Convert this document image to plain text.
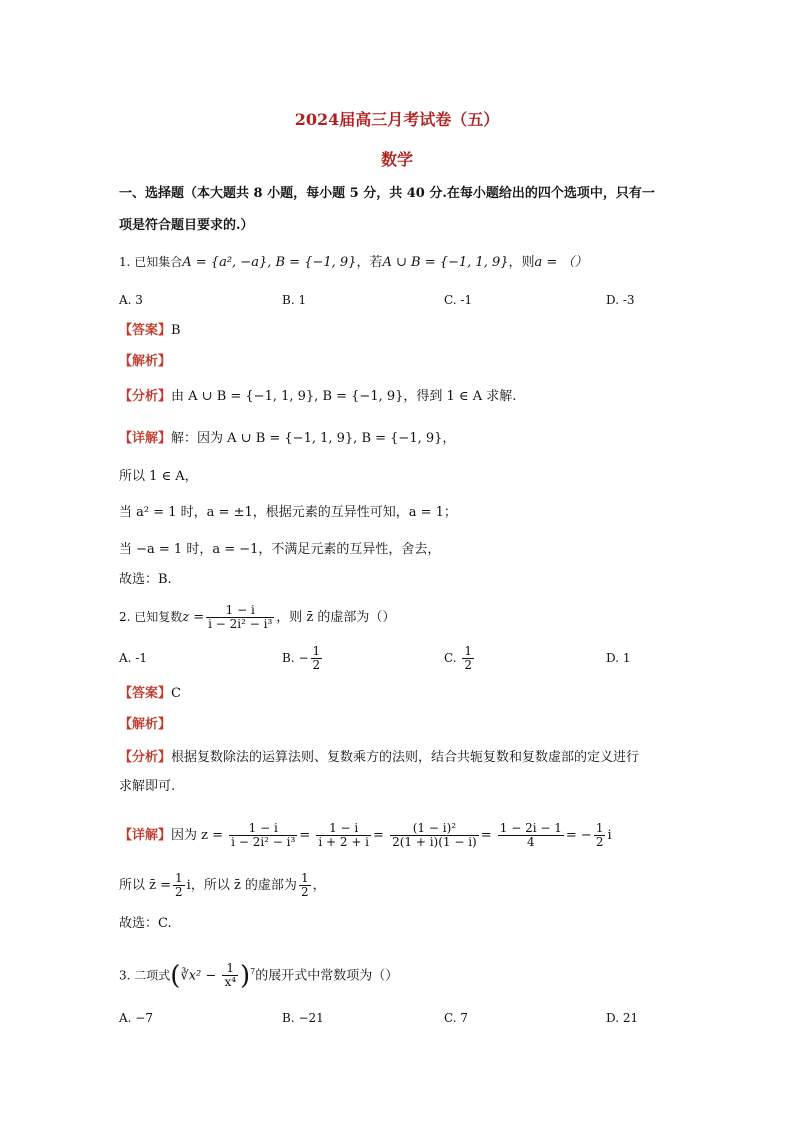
2024届高三月考试卷（五）
数学
一、选择题（本大题共 8 小题，每小题 5 分，共 40 分.在每小题给出的四个选项中，只有一
项是符合题目要求的.）
1. 已知集合A = {a², −a}, B = {−1, 9}，若A ∪ B = {−1, 1, 9}，则a = （）
A. 3	B. 1	C. -1	D. -3
【答案】B
【解析】
【分析】由 A ∪ B = {−1, 1, 9}, B = {−1, 9}，得到 1 ∈ A 求解.
【详解】解：因为 A ∪ B = {−1, 1, 9}, B = {−1, 9}，
所以 1 ∈ A，
当 a² = 1 时，a = ±1，根据元素的互异性可知，a = 1；
当 −a = 1 时，a = −1，不满足元素的互异性，舍去，
故选：B.
2. 已知复数$z = \frac{1 - i}{\text{i − 2i² − i³}}$ ，则 z̄ 的虚部为（）
A. -1	B. − $\frac{1}{2}$	C. $\frac{1}{2}$	D. 1
【答案】C
【解析】
【分析】根据复数除法的运算法则、复数乘方的法则，结合共轭复数和复数虚部的定义进行
求解即可.
【详解】因为 $z = \frac{1 - i}{\text{i − 2i² − i³}} = \frac{1 - i}{i + 2 + i} = \frac{\text{(1 − i)²}}{2(1 + i)(1 - i)} = \frac{1 - 2i - 1}{4}$ = − $\frac{1}{2}$ i
所以 z̄ = $\frac{1}{2}$ i，所以 z̄ 的虚部为 $\frac{1}{2}$ ，
故选：C.
3. 二项式(∛x² − $\frac{1}{\text{x⁴}} )^7$的展开式中常数项为（）
A. −7	B. −21	C. 7	D. 21
